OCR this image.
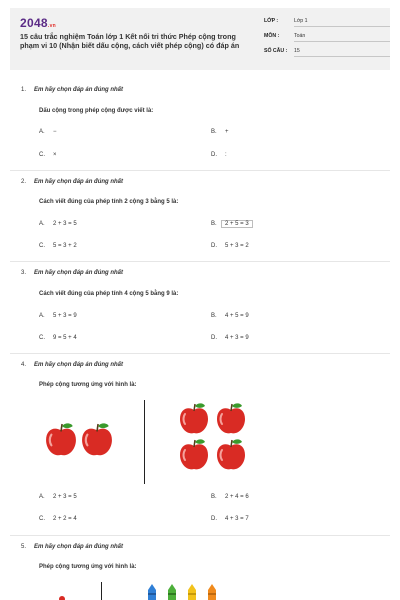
2048.vn
15 câu trắc nghiệm Toán lớp 1 Kết nối tri thức Phép cộng trong phạm vi 10 (Nhận biết dấu cộng, cách viết phép cộng) có đáp án
LỚP :	Lớp 1
MÔN :	Toán
SỐ CÂU : 15
1. Em hãy chọn đáp án đúng nhất
Dấu cộng trong phép cộng được viết là:
A. −	B. +
C. ×	D. :
2. Em hãy chọn đáp án đúng nhất
Cách viết đúng của phép tính 2 cộng 3 bằng 5 là:
A. 2 + 3 = 5	B. 2 + 5 = 3
C. 5 = 3 + 2	D. 5 + 3 = 2
3. Em hãy chọn đáp án đúng nhất
Cách viết đúng của phép tính 4 cộng 5 bằng 9 là:
A. 5 + 3 = 9	B. 4 + 5 = 9
C. 9 = 5 + 4	D. 4 + 3 = 9
4. Em hãy chọn đáp án đúng nhất
Phép cộng tương ứng với hình là:
A. 2 + 3 = 5	B. 2 + 4 = 6
C. 2 + 2 = 4	D. 4 + 3 = 7
5. Em hãy chọn đáp án đúng nhất
Phép cộng tương ứng với hình là:
